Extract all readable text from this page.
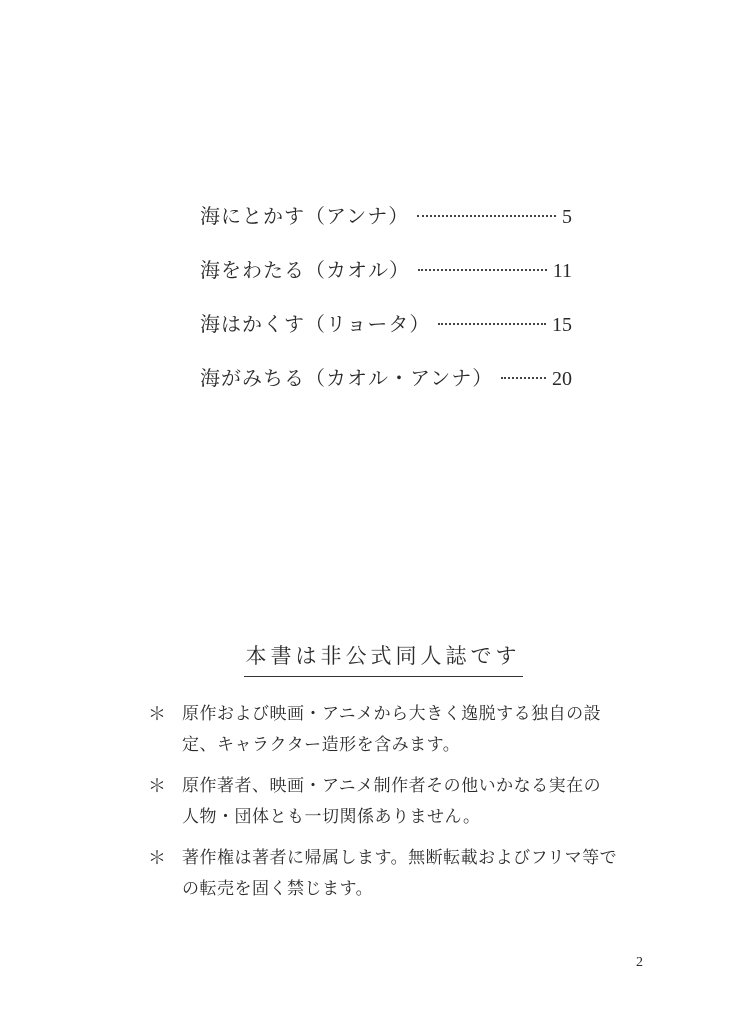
海にとかす（アンナ）	5
海をわたる（カオル）	11
海はかくす（リョータ）	15
海がみちる（カオル・アンナ）	20
本書は非公式同人誌です
＊ 原作および映画・アニメから大きく逸脱する独自の設定、キャラクター造形を含みます。
＊ 原作著者、映画・アニメ制作者その他いかなる実在の人物・団体とも一切関係ありません。
＊ 著作権は著者に帰属します。無断転載およびフリマ等での転売を固く禁じます。
2
